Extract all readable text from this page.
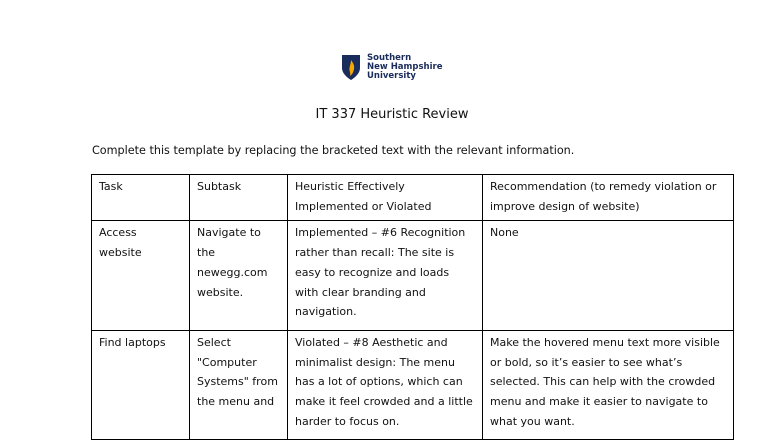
Southern
New Hampshire
University
IT 337 Heuristic Review
Complete this template by replacing the bracketed text with the relevant information.
Task	Subtask	Heuristic Effectively Implemented or Violated	Recommendation (to remedy violation or improve design of website)
Access website	Navigate to the newegg.com website.	Implemented – #6 Recognition rather than recall: The site is easy to recognize and loads with clear branding and navigation.	None
Find laptops	Select "Computer Systems" from the menu and	Violated – #8 Aesthetic and minimalist design: The menu has a lot of options, which can make it feel crowded and a little harder to focus on.	Make the hovered menu text more visible or bold, so it’s easier to see what’s selected. This can help with the crowded menu and make it easier to navigate to what you want.
